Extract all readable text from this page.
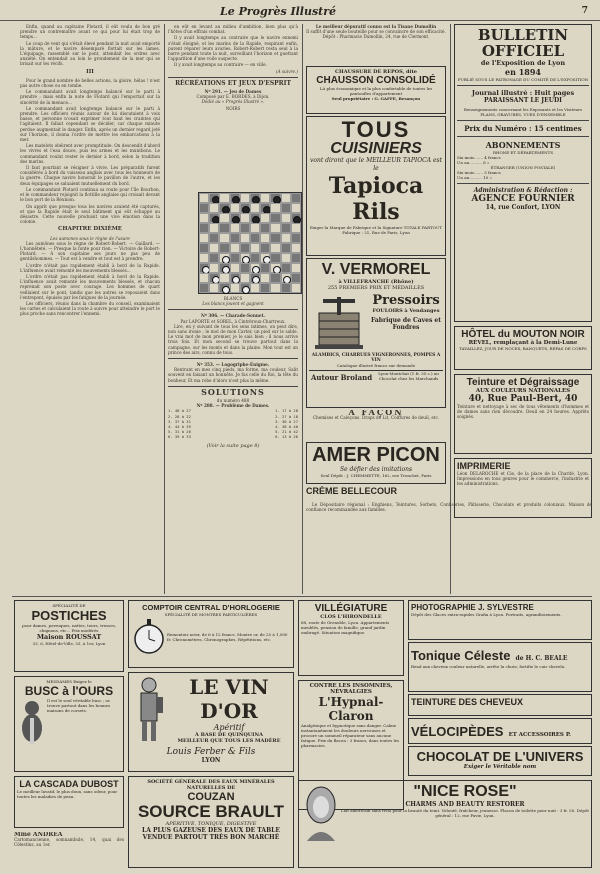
Le Progrès Illustré	7

Enfin, quand au capitaine Plotard, il eût voulu de bon gré prendre un contremaître avant ce qui pour lui était trop de temps...

Le coup de vent qui s'était élevé pendant la nuit avait emporté la mâture, et le navire désemparé flottait sur les lames. L'équipage, rassemblé sur le pont, attendait les ordres avec anxiété. On entendait au loin le grondement de la mer qui se brisait sur les récifs.

III

Pour le grand nombre de belles actions, la gloire, hélas ! n'est pas autre chose ou en tombe.

Le commandant avait longtemps balancé sur le parti à prendre ; mais enfin la note de Flotard qui l'emportait sur la sincérité de la menace...

Le commandant avait longtemps balancé sur le parti à prendre. Les officiers réunis autour de lui discutaient à voix basse, et personne n'osait exprimer tout haut les craintes qui l'agitaient. Il fallait cependant se décider, car chaque minute perdue augmentait le danger. Enfin, après un dernier regard jeté sur l'horizon, il donna l'ordre de mettre les embarcations à la mer.

Les matelots obéirent avec promptitude. On descendit d'abord les vivres et l'eau douce, puis les armes et les munitions. Le commandant voulut rester le dernier à bord, selon la tradition des marins.

Il faut pourtant se résigner à vivre. Les préparatifs furent considérés à bord du vaisseau anglais avec tous les honneurs de la guerre. Chaque navire honorait le pavillon de l'autre, et les deux équipages se saluaient mutuellement du bord.

Le commandant Plotard continua sa route pour l'île Bourbon, et le commandeur rejoignit la flottille anglaise qui croisait devant le bon port de la Réunion.

On apprit que presque tous les navires avaient été capturés, et que la Rapide était le seul bâtiment qui eût échappé au désastre. Cette nouvelle produisit une vive émotion dans la colonie.

CHAPITRE DIXIÈME
Les aumones sous le règne de l'usure

Les aumônes sous le règne de Robert-Robert. — Gaillard. — L'honnêteté. — Presque la fonte pour rien. — Victoire de Robert-Plotard. — À son capitaine ses jours ne pas peu de gentilshommes. — Tout est à vendre et tout est à prendre.

L'ordre n'était pas rapidement établi à bord de la Rapide. L'influence avait remonté les mouvements blessés...

L'ordre n'était pas rapidement établi à bord de la Rapide. L'influence avait remonté les mouvements blessés, et chacun reprenait son poste avec courage. Les hommes de quart veillaient sur le pont, tandis que les autres se reposaient dans l'entrepont, épuisés par les fatigues de la journée.

Les officiers, réunis dans la chambre du conseil, examinaient les cartes et calculaient la route à suivre pour atteindre le port le plus proche sans rencontrer l'ennemi.

en eût en levant au milieu d'ambition, bien plus qu'à l'hôtes d'un effrais combat.

Il y avait longtemps au contraire que le navire ennemi s'était éloigné, et les marins de la Rapide, respirant enfin, purent réparer leurs avaries. Robert-Robert resta seul à la barre pendant toute la nuit, surveillant l'horizon et guettant l'apparition d'une voile suspecte.

Il y avait longtemps au contraire — en ville.

(A suivre.)
RÉCRÉATIONS ET JEUX D'ESPRIT
Nº 291. — Jeu de Dames
Composé par E. BORDES, à Dijon.
Dédié au « Progrès Illustré ».
NOIRS
BLANCS
Les blancs jouent et gagnent
Nº 306. — Charade-Sonnet.
Par LAPORTE et SOREL, à Cintréroux-Chartreux.

Lire, en y suivant de tous les sens intimes, on peut dire, non sans ironie ; le mot de mon Carter, un pied sur le sable. Le vrai mot de mon premier, je le sais bien ; il nous arrive trois fois. Et mon second se trouve partout dans la campagne, sur les monts et dans la plaine. Mon tout est un prince des airs, connu de tous.

Nº 353. — Logogriphe-Énigme.

Rentrant en mes cinq pieds, ma forme, ma couleur, Salit souvent en faisant un honnête. Je fus celle du Roi, la tête du bonheur, Et ma robe d'alors n'est plus la même.

SOLUTIONS
du numéro 488
Nº 288. — Problème de Dames.
1. 48 à 27
2. 28 à 22
3. 37 à 31
4. 44 à 39
5. 31 à 26
6. 39 à 33
1. 17 à 28
2. 27 à 18
3. 36 à 27
4. 38 à 40
5. 21 à 42
6. 13 à 26
(Voir la suite page 8)
Le meilleur dépuratif connu est la Tisane Dumollin
Il suffit d'une seule bouteille pour se convaincre de son efficacité. Dépôt : Pharmacie Dumollin, 24, rue de Clermont.
CHAUSSURE DE REPOS, dite
CHAUSSON CONSOLIDÉ
LA plus économique et la plus confortable de toutes les pantoufles d'appartement
Seul propriétaire : G. GAFFE, Besançon
TOUS
CUISINIERS
vont diront que le MEILLEUR TAPIOCA est le
Tapioca Rils
Exiger la Marque de Fabrique et la Signature TOTALE PARTOUT
Fabrique : 21, Rue de Paris, Lyon
V. VERMOREL
à VILLEFRANCHE (Rhône)
255 PREMIERS PRIX ET MÉDAILLES
Pressoirs
FOULOIRS à Vendanges
Fabrique de Caves et Fondres
ALAMBICS, CHARRUES VIGNERONNES, POMPES A VIN
Catalogue illustré franco sur demande
Autour Broland	Lyon-Montchat (1 fr. 35 c.) au Chocolat chez les Marchands
A FAÇON
Chemises et Caleçons. Draps de Lit, Coiffures de deuil, etc.
AMER PICON
Se défier des imitations
Seul Dépôt : J. CHEMMETTE, 162, rue Tronchet, Paris
CRÈME BELLECOUR
BULLETIN OFFICIEL
de l'Exposition de Lyon
en 1894
PUBLIÉ SOUS LE PATRONAGE DU COMITÉ DE L'EXPOSITION
Journal illustré : Huit pages
PARAISSANT LE JEUDI
Renseignements concernant les Exposants et les Visiteurs
PLANS, GRAVURES, VUES D'ENSEMBLE
Prix du Numéro : 15 centimes
ABONNEMENTS
RHONE ET DÉPARTEMENTS
Six mois....... 4 francs
Un an.......... 8 »
ÉTRANGER (UNION POSTALE)
Six mois....... 5 francs
Un an.......... 10 »
Administration & Rédaction :
AGENCE FOURNIER
14, rue Confort, LYON
HÔTEL du MOUTON NOIR
RÉVEL, remplaçant à la Demi-Lune
TAVAILLEZ, JOUR DE NOCES, BANQUETS, REPAS DE CORPS
Teinture et Dégraissage
AUX COULEURS NATIONALES
40, Rue Paul-Bert, 40
Teinture et nettoyage à sec de tous vêtements d'hommes et de dames sans rien découdre. Deuil en 24 heures. Apprêts soignés.
IMPRIMERIE
Léon DELAROCHE et Cie, de la place de la Charité, Lyon. Impressions en tous genres pour le commerce, l'industrie et les administrations.

Le Dépositaire régional : Enghiens, Teintures, Sorbets, Confiseries, Pâtisserie, Chocolats et produits coloniaux. Maison de confiance recommandée aux familles.

SPÉCIALITÉ DE
POSTICHES
pour dames, perruques, nattes, tours, tresses, chignons, etc... Prix modérés
Maison ROUSSAT
33, 6, Hôtel-de-Ville, 33, à 1er, Lyon
MESDAMES Exigez le
BUSC à l'OURS
Il est le seul véritable busc ; se trouve partout dans les bonnes maisons de corsets.
LA CASCADA DUBOST
Le meilleur lavatif, le plus doux, sans odeur, pour toutes les maladies de peau.
Mme ANDREA
Cartomancienne, somnambule, 14, quai des Célestins, au 1er.
COMPTOIR CENTRAL D'HORLOGERIE
SPÉCIALITÉ DE MONTRES PARTICULIÈRES
Remontoir acier, de 6 à 12 francs. Montre or, de 25 à 1,000 fr. Chronomètres, Chronographes, Répétitions, etc.
LE VIN D'OR
Apéritif
À BASE DE QUINQUINA
MEILLEUR QUE TOUS LES MADÈRE
Louis Ferber & Fils
LYON
SOCIÉTÉ GÉNÉRALE DES EAUX MINÉRALES NATURELLES DE
COUZAN
SOURCE BRAULT
APÉRITIVE, TONIQUE, DIGESTIVE
LA PLUS GAZEUSE DES EAUX DE TABLE
VENDUE PARTOUT TRÈS BON MARCHÉ
VILLÉGIATURE
CLOS L'HIRONDELLE
68, route de Grenoble, Lyon. Appartements meublés, pension de famille, grand jardin ombragé. Situation magnifique.
CONTRE LES INSOMNIES, NÉVRALGIES
L'Hypnal-Claron
Analgésique et hypnotique sans danger. Calme instantanément les douleurs nerveuses et procure un sommeil réparateur sans aucune fatigue. Prix du flacon : 3 francs, dans toutes les pharmacies.
PHOTOGRAPHIE J. SYLVESTRE
Dépôt des Glaces extra-rapides Grafia à Lyon. Portraits, agrandissements.
Tonique Céleste de H. C. BEALE
Rend aux cheveux couleur naturelle, arrête la chute, fortifie le cuir chevelu.
TEINTURE DES CHEVEUX
VÉLOCIPÈDES ET ACCESSOIRES P.
CHOCOLAT DE L'UNIVERS
Exiger le Véritable nom
"NICE ROSE"
CHARMS AND BEAUTY RESTORER
Lait américain sans rival pour la beauté du teint. Velouté, fraîcheur, jeunesse. Flacon de toilette pour nuit : 3 fr. 50. Dépôt général : 12, rue Pavie, Lyon.
